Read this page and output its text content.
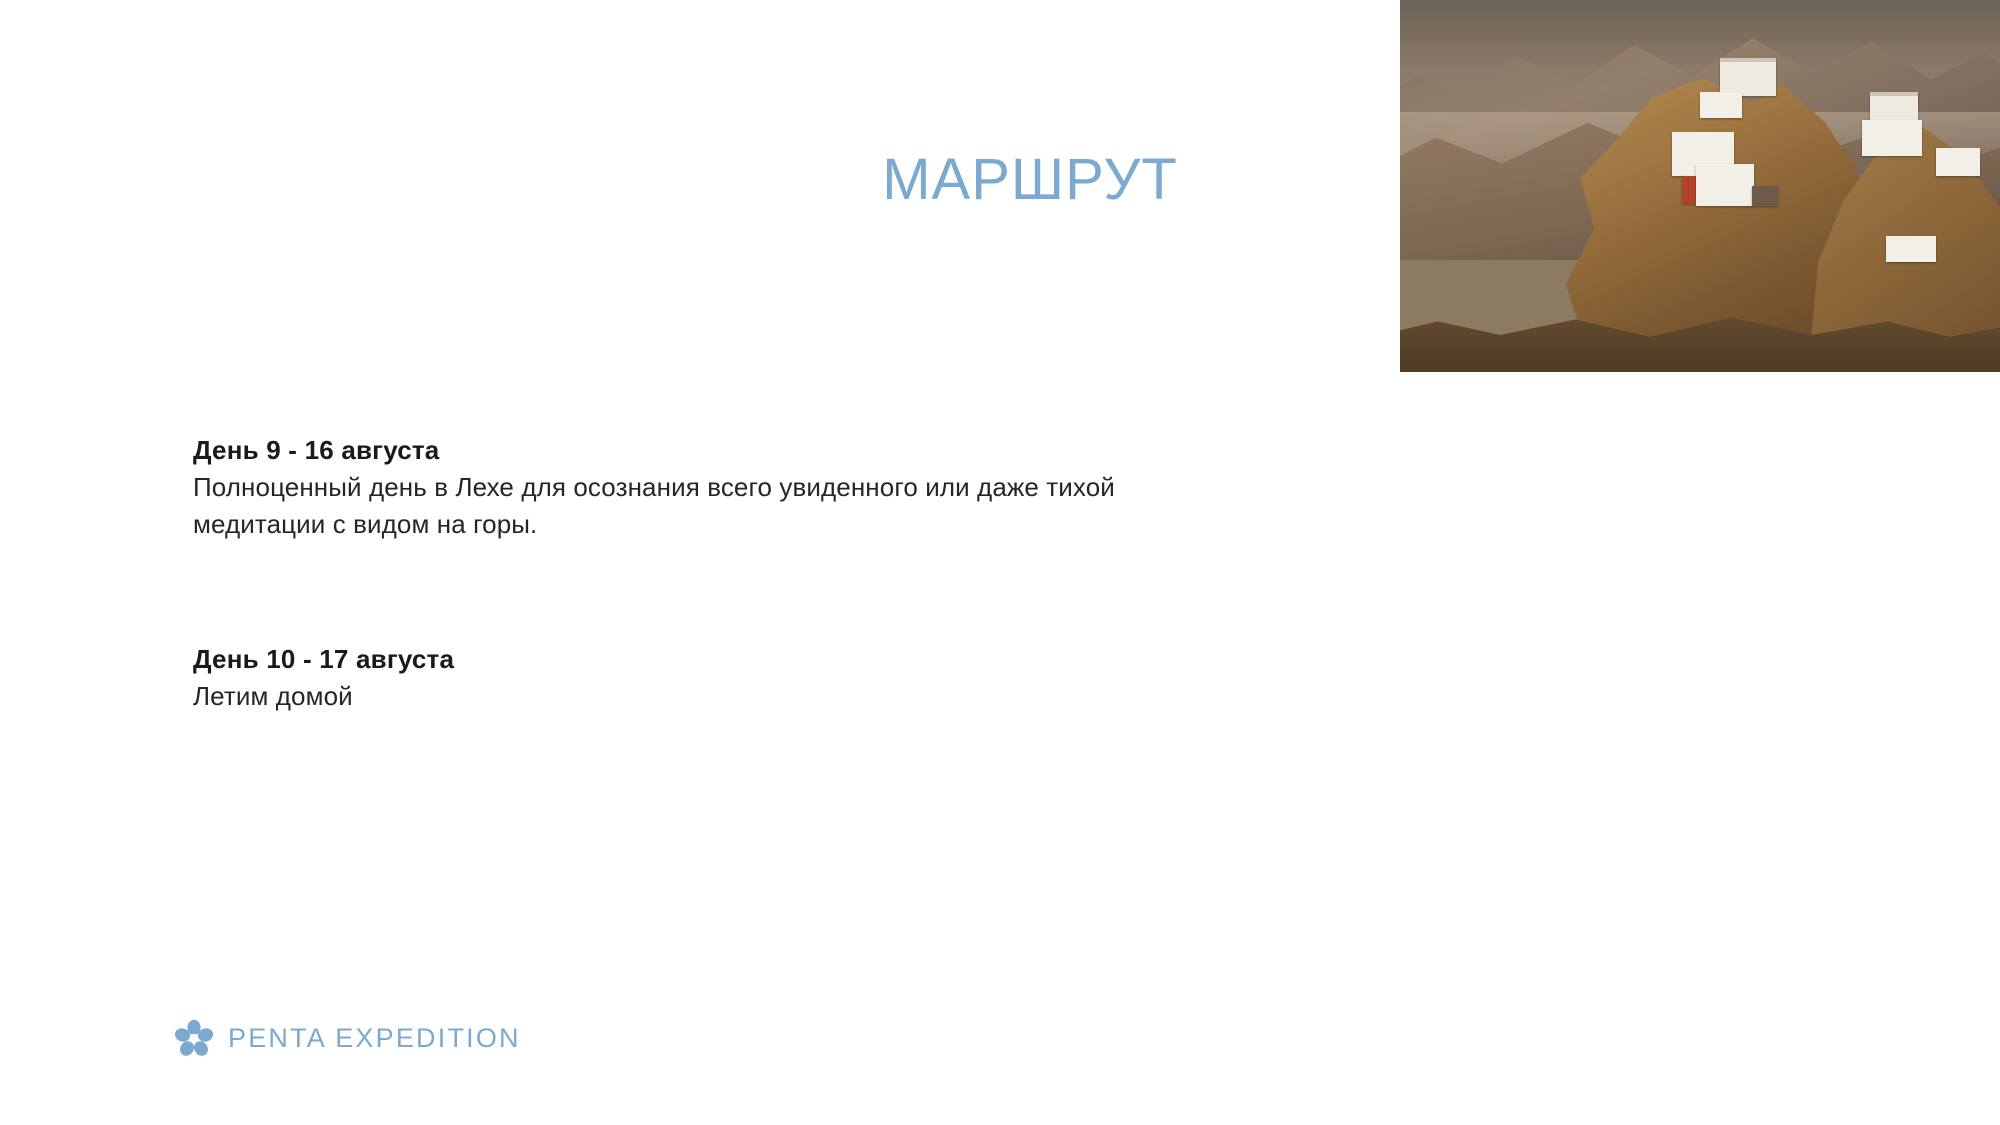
МАРШРУТ
День 9 - 16 августа
Полноценный день в Лехе для осознания всего увиденного или даже тихой медитации с видом на горы.
День 10 - 17 августа
Летим домой
PENTA EXPEDITION
